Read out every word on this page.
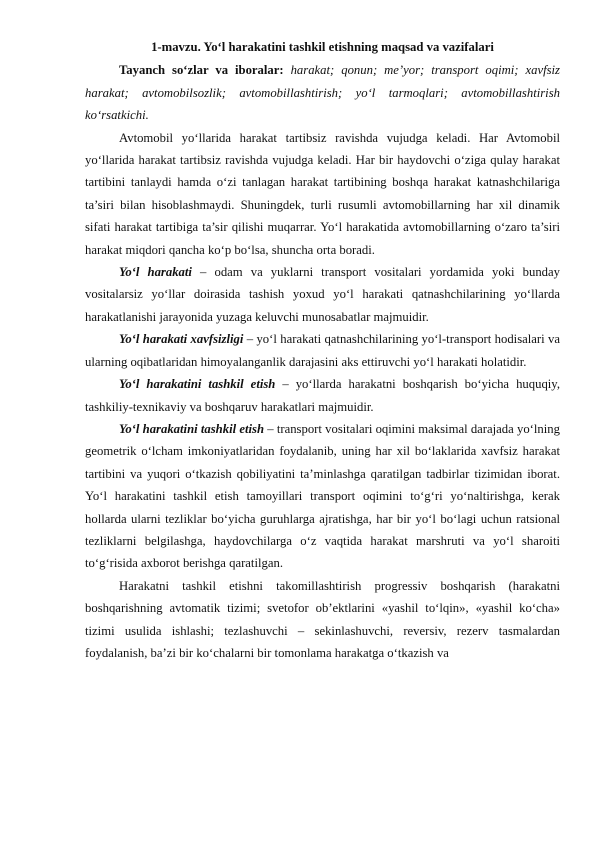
1-mavzu. Yo‘l harakatini tashkil etishning maqsad va vazifalari

Tayanch so‘zlar va iboralar: harakat; qonun; me’yor; transport oqimi; xavfsiz harakat; avtomobilsozlik; avtomobillashtirish; yo‘l tarmoqlari; avtomobillashtirish ko‘rsatkichi.

Avtomobil yo‘llarida harakat tartibsiz ravishda vujudga keladi. Har Avtomobil yo‘llarida harakat tartibsiz ravishda vujudga keladi. Har bir haydovchi o‘ziga qulay harakat tartibini tanlaydi hamda o‘zi tanlagan harakat tartibining boshqa harakat katnashchilariga ta’siri bilan hisoblashmaydi. Shuningdek, turli rusumli avtomobillarning har xil dinamik sifati harakat tartibiga ta’sir qilishi muqarrar. Yo‘l harakatida avtomobillarning o‘zaro ta’siri harakat miqdori qancha ko‘p bo‘lsa, shuncha orta boradi.

Yo‘l harakati – odam va yuklarni transport vositalari yordamida yoki bunday vositalarsiz yo‘llar doirasida tashish yoxud yo‘l harakati qatnashchilarining yo‘llarda harakatlanishi jarayonida yuzaga keluvchi munosabatlar majmuidir.

Yo‘l harakati xavfsizligi – yo‘l harakati qatnashchilarining yo‘l-transport hodisalari va ularning oqibatlaridan himoyalanganlik darajasini aks ettiruvchi yo‘l harakati holatidir.

Yo‘l harakatini tashkil etish – yo‘llarda harakatni boshqarish bo‘yicha huquqiy, tashkiliy-texnikaviy va boshqaruv harakatlari majmuidir.

Yo‘l harakatini tashkil etish – transport vositalari oqimini maksimal darajada yo‘lning geometrik o‘lcham imkoniyatlaridan foydalanib, uning har xil bo‘laklarida xavfsiz harakat tartibini va yuqori o‘tkazish qobiliyatini ta’minlashga qaratilgan tadbirlar tizimidan iborat. Yo‘l harakatini tashkil etish tamoyillari transport oqimini to‘g‘ri yo‘naltirishga, kerak hollarda ularni tezliklar bo‘yicha guruhlarga ajratishga, har bir yo‘l bo‘lagi uchun ratsional tezliklarni belgilashga, haydovchilarga o‘z vaqtida harakat marshruti va yo‘l sharoiti to‘g‘risida axborot berishga qaratilgan.

Harakatni tashkil etishni takomillashtirish progressiv boshqarish (harakatni boshqarishning avtomatik tizimi; svetofor ob’ektlarini «yashil to‘lqin», «yashil ko‘cha» tizimi usulida ishlashi; tezlashuvchi – sekinlashuvchi, reversiv, rezerv tasmalardan foydalanish, ba’zi bir ko‘chalarni bir tomonlama harakatga o‘tkazish va
